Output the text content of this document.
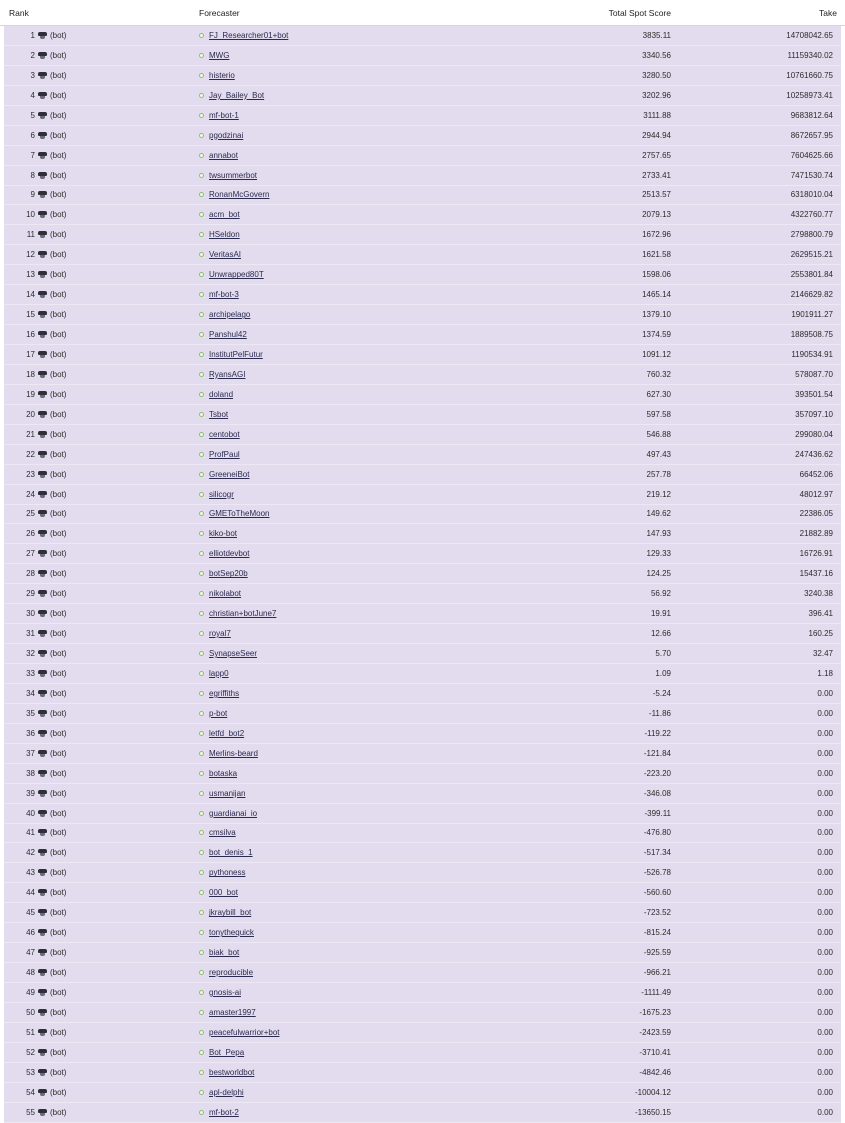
Rank	Forecaster	Total Spot Score	Take
1 (bot)	FJ_Researcher01+bot	3835.11	14708042.65
2 (bot)	MWG	3340.56	11159340.02
3 (bot)	histerio	3280.50	10761660.75
4 (bot)	Jay_Bailey_Bot	3202.96	10258973.41
5 (bot)	mf-bot-1	3111.88	9683812.64
6 (bot)	pgodzinai	2944.94	8672657.95
7 (bot)	annabot	2757.65	7604625.66
8 (bot)	twsummerbot	2733.41	7471530.74
9 (bot)	RonanMcGovern	2513.57	6318010.04
10 (bot)	acm_bot	2079.13	4322760.77
11 (bot)	HSeldon	1672.96	2798800.79
12 (bot)	VeritasAI	1621.58	2629515.21
13 (bot)	Unwrapped80T	1598.06	2553801.84
14 (bot)	mf-bot-3	1465.14	2146629.82
15 (bot)	archipelago	1379.10	1901911.27
16 (bot)	Panshul42	1374.59	1889508.75
17 (bot)	InstitutPelFutur	1091.12	1190534.91
18 (bot)	RyansAGI	760.32	578087.70
19 (bot)	doland	627.30	393501.54
20 (bot)	Tsbot	597.58	357097.10
21 (bot)	centobot	546.88	299080.04
22 (bot)	ProfPaul	497.43	247436.62
23 (bot)	GreeneiBot	257.78	66452.06
24 (bot)	silicogr	219.12	48012.97
25 (bot)	GMEToTheMoon	149.62	22386.05
26 (bot)	kiko-bot	147.93	21882.89
27 (bot)	elliotdevbot	129.33	16726.91
28 (bot)	botSep20b	124.25	15437.16
29 (bot)	nikolabot	56.92	3240.38
30 (bot)	christian+botJune7	19.91	396.41
31 (bot)	royal7	12.66	160.25
32 (bot)	SynapseSeer	5.70	32.47
33 (bot)	lapp0	1.09	1.18
34 (bot)	egriffiths	-5.24	0.00
35 (bot)	p-bot	-11.86	0.00
36 (bot)	letfd_bot2	-119.22	0.00
37 (bot)	Merlins-beard	-121.84	0.00
38 (bot)	botaska	-223.20	0.00
39 (bot)	usmanijan	-346.08	0.00
40 (bot)	guardianai_io	-399.11	0.00
41 (bot)	cmsilva	-476.80	0.00
42 (bot)	bot_denis_1	-517.34	0.00
43 (bot)	pythoness	-526.78	0.00
44 (bot)	000_bot	-560.60	0.00
45 (bot)	jkraybill_bot	-723.52	0.00
46 (bot)	tonythequick	-815.24	0.00
47 (bot)	biak_bot	-925.59	0.00
48 (bot)	reproducible	-966.21	0.00
49 (bot)	gnosis-ai	-1111.49	0.00
50 (bot)	amaster1997	-1675.23	0.00
51 (bot)	peacefulwarrior+bot	-2423.59	0.00
52 (bot)	Bot_Pepa	-3710.41	0.00
53 (bot)	bestworldbot	-4842.46	0.00
54 (bot)	apl-delphi	-10004.12	0.00
55 (bot)	mf-bot-2	-13650.15	0.00
